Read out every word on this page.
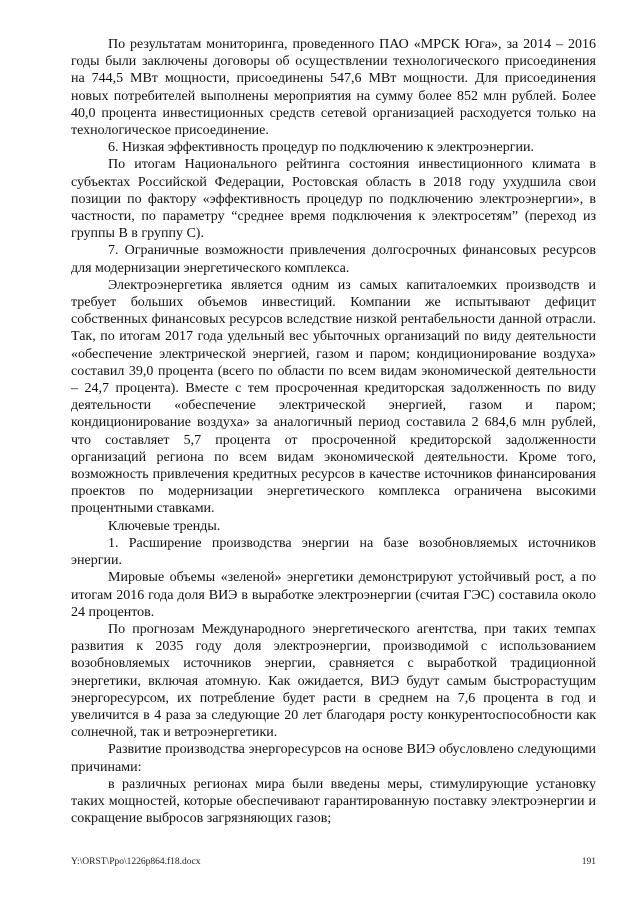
По результатам мониторинга, проведенного ПАО «МРСК Юга», за 2014 – 2016 годы были заключены договоры об осуществлении технологического присоединения на 744,5 МВт мощности, присоединены 547,6 МВт мощности. Для присоединения новых потребителей выполнены мероприятия на сумму более 852 млн рублей. Более 40,0 процента инвестиционных средств сетевой организацией расходуется только на технологическое присоединение.

6. Низкая эффективность процедур по подключению к электроэнергии.

По итогам Национального рейтинга состояния инвестиционного климата в субъектах Российской Федерации, Ростовская область в 2018 году ухудшила свои позиции по фактору «эффективность процедур по подключению электроэнергии», в частности, по параметру “среднее время подключения к электросетям” (переход из группы B в группу C).

7. Ограничные возможности привлечения долгосрочных финансовых ресурсов для модернизации энергетического комплекса.

Электроэнергетика является одним из самых капиталоемких производств и требует больших объемов инвестиций. Компании же испытывают дефицит собственных финансовых ресурсов вследствие низкой рентабельности данной отрасли. Так, по итогам 2017 года удельный вес убыточных организаций по виду деятельности «обеспечение электрической энергией, газом и паром; кондиционирование воздуха» составил 39,0 процента (всего по области по всем видам экономической деятельности – 24,7 процента). Вместе с тем просроченная кредиторская задолженность по виду деятельности «обеспечение электрической энергией, газом и паром; кондиционирование воздуха» за аналогичный период составила 2 684,6 млн рублей, что составляет 5,7 процента от просроченной кредиторской задолженности организаций региона по всем видам экономической деятельности. Кроме того, возможность привлечения кредитных ресурсов в качестве источников финансирования проектов по модернизации энергетического комплекса ограничена высокими процентными ставками.

Ключевые тренды.

1. Расширение производства энергии на базе возобновляемых источников энергии.

Мировые объемы «зеленой» энергетики демонстрируют устойчивый рост, а по итогам 2016 года доля ВИЭ в выработке электроэнергии (считая ГЭС) составила около 24 процентов.

По прогнозам Международного энергетического агентства, при таких темпах развития к 2035 году доля электроэнергии, производимой с использованием возобновляемых источников энергии, сравняется с выработкой традиционной энергетики, включая атомную. Как ожидается, ВИЭ будут самым быстрорастущим энергоресурсом, их потребление будет расти в среднем на 7,6 процента в год и увеличится в 4 раза за следующие 20 лет благодаря росту конкурентоспособности как солнечной, так и ветроэнергетики.

Развитие производства энергоресурсов на основе ВИЭ обусловлено следующими причинами:

в различных регионах мира были введены меры, стимулирующие установку таких мощностей, которые обеспечивают гарантированную поставку электроэнергии и сокращение выбросов загрязняющих газов;

Y:\ORST\Ppo\1226p864.f18.docx	191
